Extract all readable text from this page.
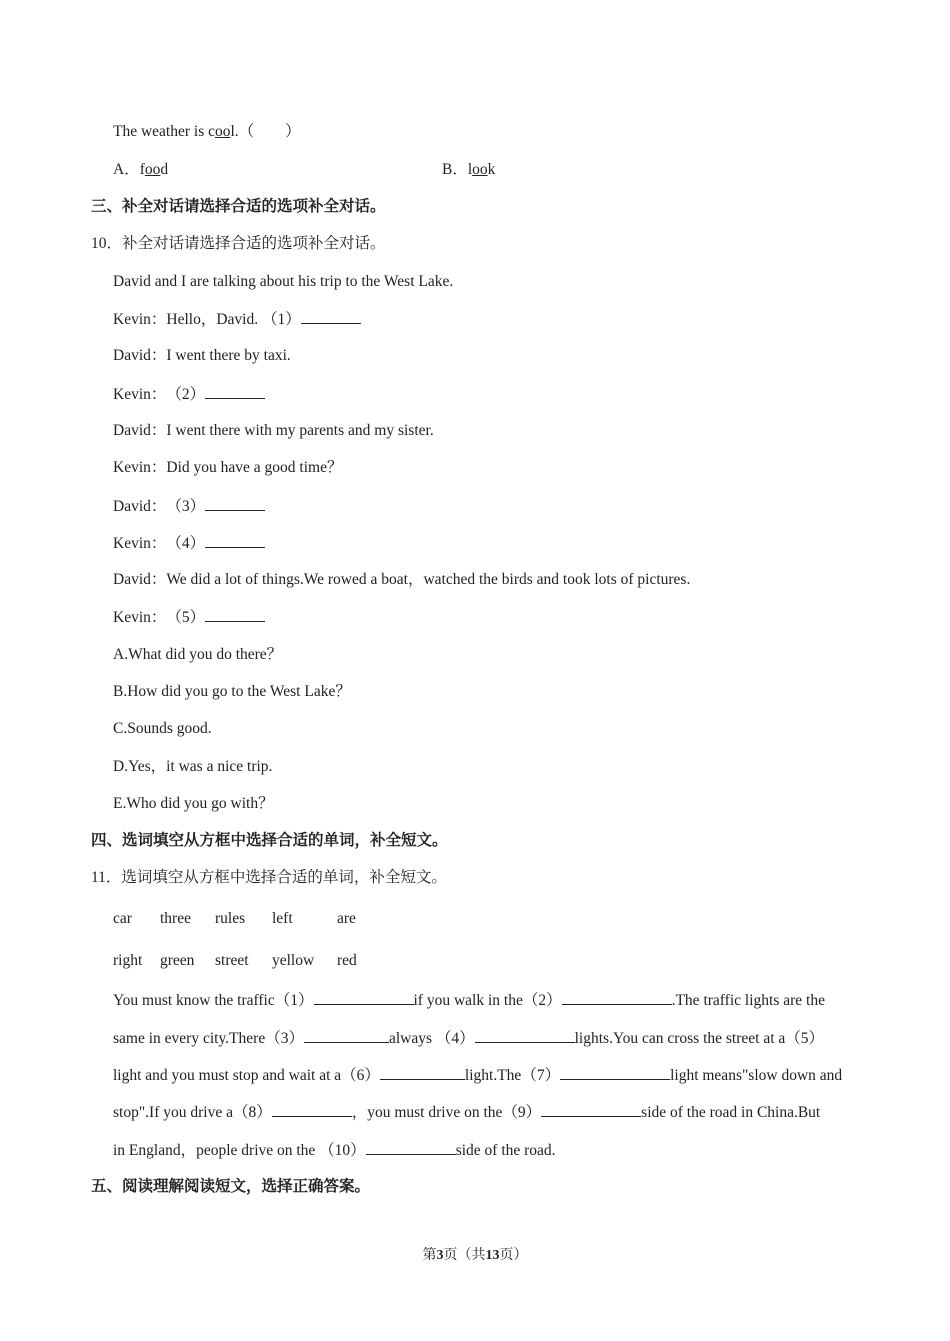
The weather is cool.（　　）
A．food	B．look
三、补全对话请选择合适的选项补全对话。
10．补全对话请选择合适的选项补全对话。
David and I are talking about his trip to the West Lake.
Kevin：Hello，David. （1）
David：I went there by taxi.
Kevin：　（2）
David：I went there with my parents and my sister.
Kevin：Did you have a good time？
David：　（3）
Kevin：　（4）
David：We did a lot of things.We rowed a boat，watched the birds and took lots of pictures.
Kevin：　（5）
A.What did you do there？
B.How did you go to the West Lake？
C.Sounds good.
D.Yes，it was a nice trip.
E.Who did you go with？
四、选词填空从方框中选择合适的单词，补全短文。
11．选词填空从方框中选择合适的单词，补全短文。
car three rules left	are
right green street yellow red
You must know the traffic（1）	if you walk in the（2）	.The traffic lights are the
same in every city.There（3）	always （4）	lights.You can cross the street at a（5）
light and you must stop and wait at a（6）	light.The（7）	light means"slow down and
stop".If you drive a（8）	，you must drive on the（9）	side of the road in China.But
in England，people drive on the （10）	side of the road.
五、阅读理解阅读短文，选择正确答案。
第3页（共13页）
